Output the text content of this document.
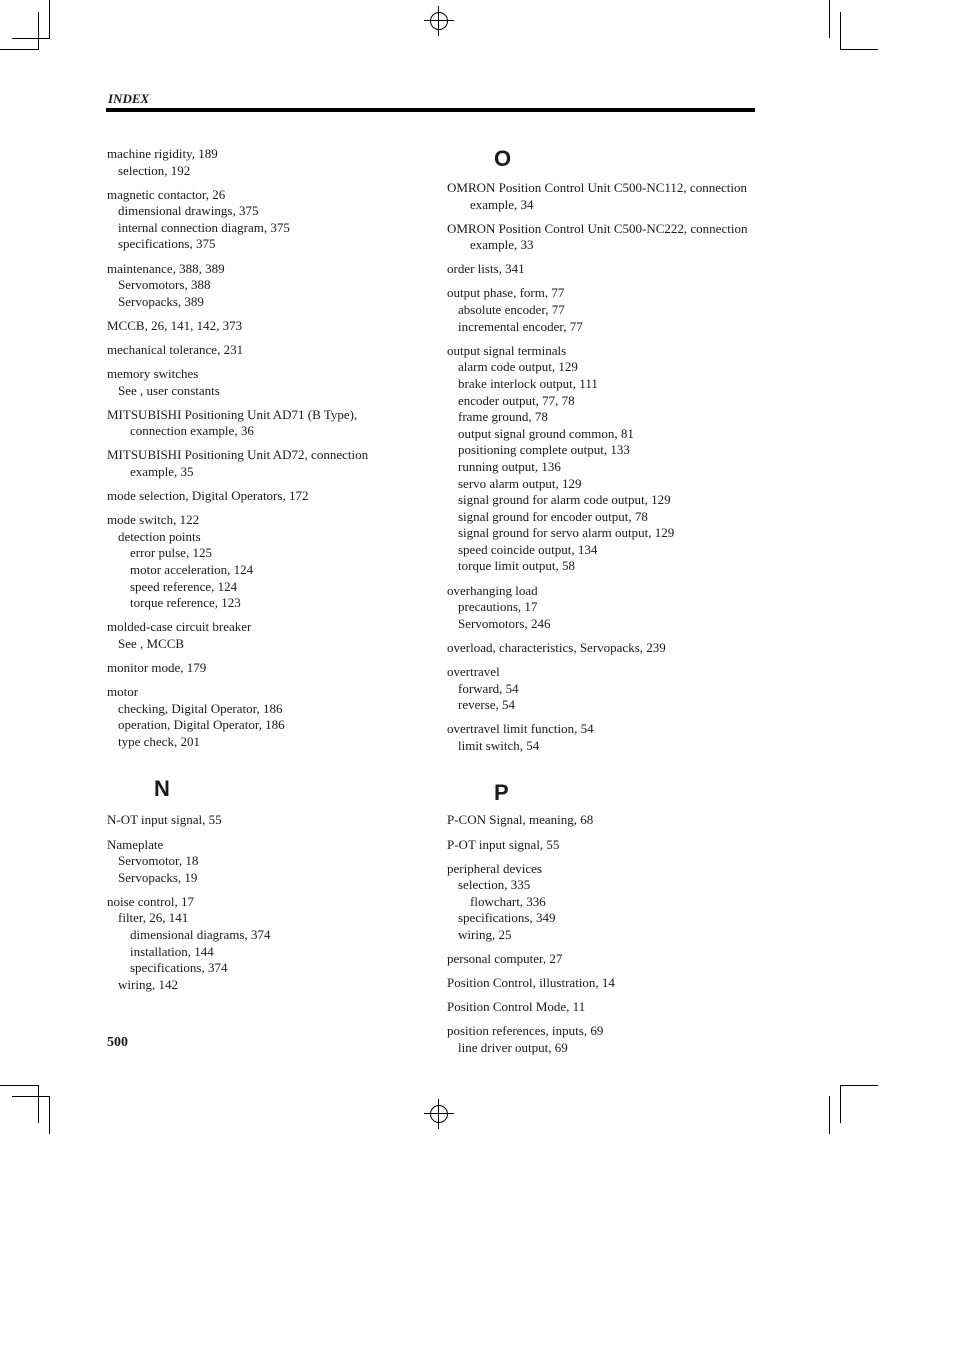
INDEX
machine rigidity, 189
selection, 192
magnetic contactor, 26
dimensional drawings, 375
internal connection diagram, 375
specifications, 375
maintenance, 388, 389
Servomotors, 388
Servopacks, 389
MCCB, 26, 141, 142, 373
mechanical tolerance, 231
memory switches
See , user constants
MITSUBISHI Positioning Unit AD71 (B Type), connection example, 36
MITSUBISHI Positioning Unit AD72, connection example, 35
mode selection, Digital Operators, 172
mode switch, 122
detection points
error pulse, 125
motor acceleration, 124
speed reference, 124
torque reference, 123
molded-case circuit breaker
See , MCCB
monitor mode, 179
motor
checking, Digital Operator, 186
operation, Digital Operator, 186
type check, 201
N
N-OT input signal, 55
Nameplate
Servomotor, 18
Servopacks, 19
noise control, 17
filter, 26, 141
dimensional diagrams, 374
installation, 144
specifications, 374
wiring, 142
O
OMRON Position Control Unit C500-NC112, connection example, 34
OMRON Position Control Unit C500-NC222, connection example, 33
order lists, 341
output phase, form, 77
absolute encoder, 77
incremental encoder, 77
output signal terminals
alarm code output, 129
brake interlock output, 111
encoder output, 77, 78
frame ground, 78
output signal ground common, 81
positioning complete output, 133
running output, 136
servo alarm output, 129
signal ground for alarm code output, 129
signal ground for encoder output, 78
signal ground for servo alarm output, 129
speed coincide output, 134
torque limit output, 58
overhanging load
precautions, 17
Servomotors, 246
overload, characteristics, Servopacks, 239
overtravel
forward, 54
reverse, 54
overtravel limit function, 54
limit switch, 54
P
P-CON Signal, meaning, 68
P-OT input signal, 55
peripheral devices
selection, 335
flowchart, 336
specifications, 349
wiring, 25
personal computer, 27
Position Control, illustration, 14
Position Control Mode, 11
position references, inputs, 69
line driver output, 69
500
